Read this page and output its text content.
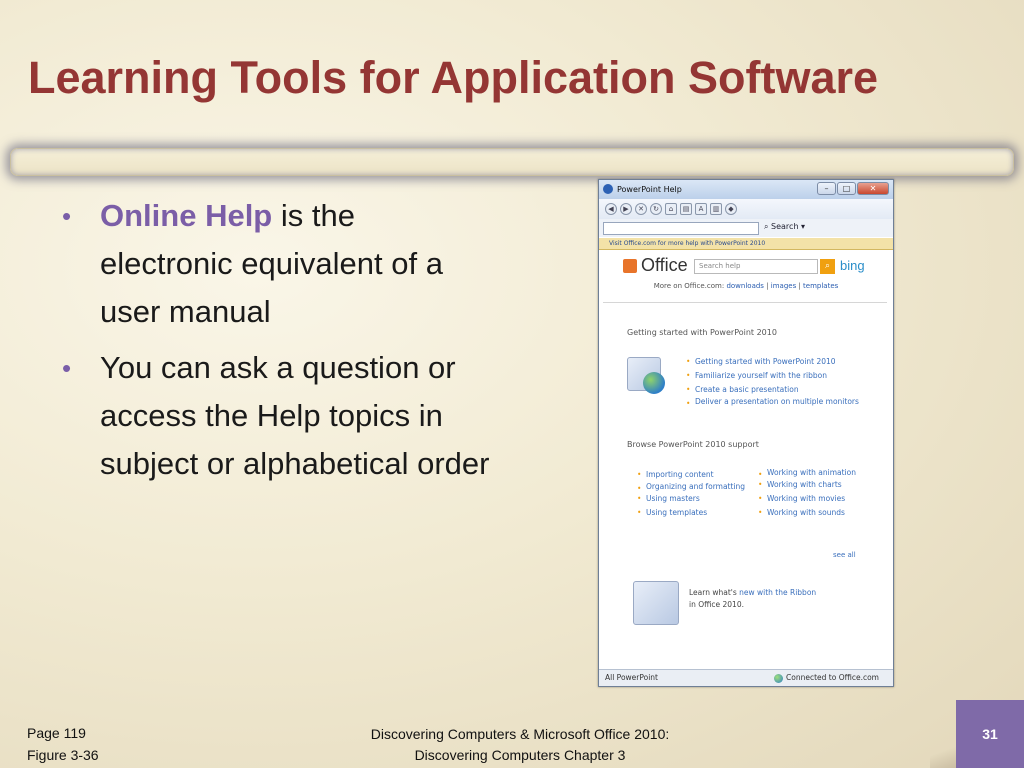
Learning Tools for Application Software
• Online Help is the electronic equivalent of a user manual
• You can ask a question or access the Help topics in subject or alphabetical order
PowerPoint Help	–	□	✕
◀	▶	✕	↻	⌂	▤	A	▥	◆
⌕ Search ▾
Visit Office.com for more help with PowerPoint 2010
Office	Search help	⌕ bing
More on Office.com: downloads | images | templates
Getting started with PowerPoint 2010
• Getting started with PowerPoint 2010
• Familiarize yourself with the ribbon
• Create a basic presentation
• Deliver a presentation on multiple monitors
Browse PowerPoint 2010 support
• Importing content
• Organizing and formatting
• Using masters
• Using templates
• Working with animation
• Working with charts
• Working with movies
• Working with sounds
see all
Learn what's new with the Ribbon
in Office 2010.
All PowerPoint	Connected to Office.com
Page 119
Figure 3-36
Discovering Computers & Microsoft Office 2010:
Discovering Computers Chapter 3
31
